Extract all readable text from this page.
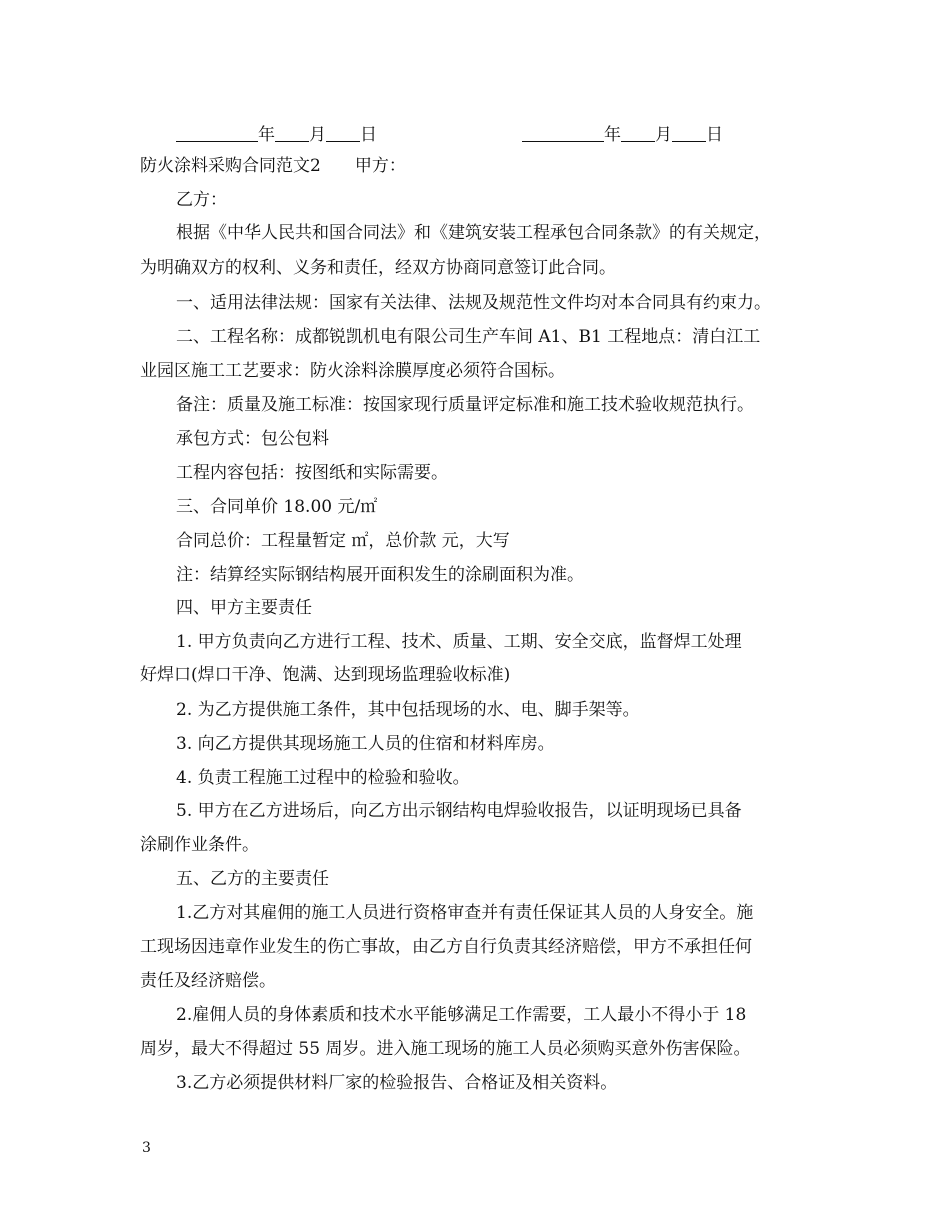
年 月 日	年 月 日
防火涂料采购合同范文2　　甲方：
乙方：
根据《中华人民共和国合同法》和《建筑安装工程承包合同条款》的有关规定，
为明确双方的权利、义务和责任，经双方协商同意签订此合同。
一、适用法律法规：国家有关法律、法规及规范性文件均对本合同具有约束力。
二、工程名称：成都锐凯机电有限公司生产车间 A1、B1 工程地点：清白江工
业园区施工工艺要求：防火涂料涂膜厚度必须符合国标。
备注：质量及施工标准：按国家现行质量评定标准和施工技术验收规范执行。
承包方式：包公包料
工程内容包括：按图纸和实际需要。
三、合同单价 18.00 元/㎡
合同总价：工程量暂定 ㎡，总价款 元，大写
注：结算经实际钢结构展开面积发生的涂刷面积为准。
四、甲方主要责任
1. 甲方负责向乙方进行工程、技术、质量、工期、安全交底，监督焊工处理
好焊口(焊口干净、饱满、达到现场监理验收标准)
2. 为乙方提供施工条件，其中包括现场的水、电、脚手架等。
3. 向乙方提供其现场施工人员的住宿和材料库房。
4. 负责工程施工过程中的检验和验收。
5. 甲方在乙方进场后，向乙方出示钢结构电焊验收报告，以证明现场已具备
涂刷作业条件。
五、乙方的主要责任
1.乙方对其雇佣的施工人员进行资格审查并有责任保证其人员的人身安全。施
工现场因违章作业发生的伤亡事故，由乙方自行负责其经济赔偿，甲方不承担任何
责任及经济赔偿。
2.雇佣人员的身体素质和技术水平能够满足工作需要，工人最小不得小于 18
周岁，最大不得超过 55 周岁。进入施工现场的施工人员必须购买意外伤害保险。
3.乙方必须提供材料厂家的检验报告、合格证及相关资料。
3
